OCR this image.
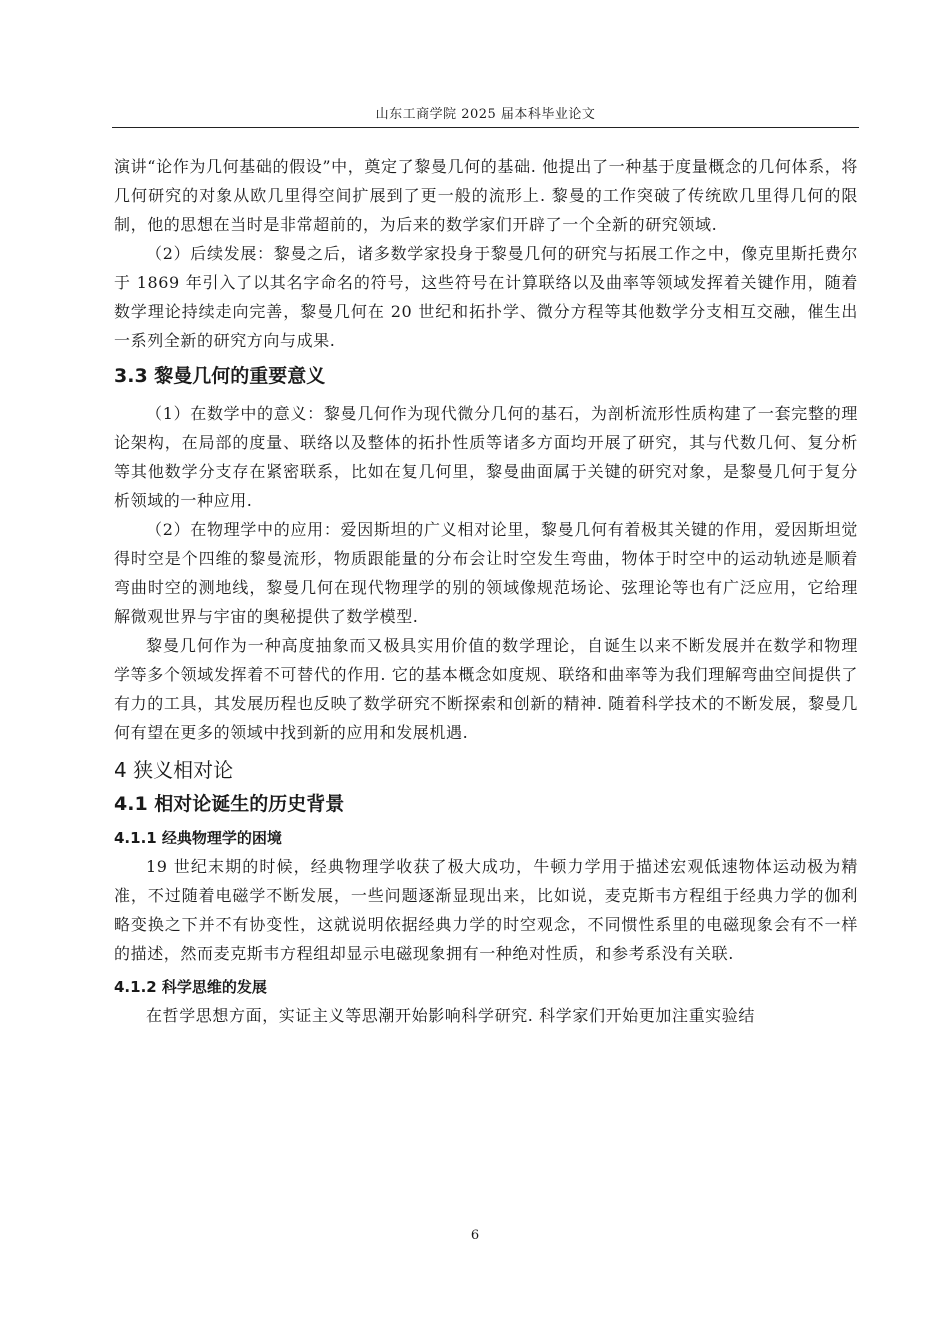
山东工商学院 2025 届本科毕业论文

演讲“论作为几何基础的假设”中，奠定了黎曼几何的基础. 他提出了一种基于度量概念的几何体系，将几何研究的对象从欧几里得空间扩展到了更一般的流形上. 黎曼的工作突破了传统欧几里得几何的限制，他的思想在当时是非常超前的，为后来的数学家们开辟了一个全新的研究领域.

（2）后续发展：黎曼之后，诸多数学家投身于黎曼几何的研究与拓展工作之中，像克里斯托费尔于 1869 年引入了以其名字命名的符号，这些符号在计算联络以及曲率等领域发挥着关键作用，随着数学理论持续走向完善，黎曼几何在 20 世纪和拓扑学、微分方程等其他数学分支相互交融，催生出一系列全新的研究方向与成果.

3.3 黎曼几何的重要意义

（1）在数学中的意义：黎曼几何作为现代微分几何的基石，为剖析流形性质构建了一套完整的理论架构，在局部的度量、联络以及整体的拓扑性质等诸多方面均开展了研究，其与代数几何、复分析等其他数学分支存在紧密联系，比如在复几何里，黎曼曲面属于关键的研究对象，是黎曼几何于复分析领域的一种应用.

（2）在物理学中的应用：爱因斯坦的广义相对论里，黎曼几何有着极其关键的作用，爱因斯坦觉得时空是个四维的黎曼流形，物质跟能量的分布会让时空发生弯曲，物体于时空中的运动轨迹是顺着弯曲时空的测地线，黎曼几何在现代物理学的别的领域像规范场论、弦理论等也有广泛应用，它给理解微观世界与宇宙的奥秘提供了数学模型.

黎曼几何作为一种高度抽象而又极具实用价值的数学理论，自诞生以来不断发展并在数学和物理学等多个领域发挥着不可替代的作用. 它的基本概念如度规、联络和曲率等为我们理解弯曲空间提供了有力的工具，其发展历程也反映了数学研究不断探索和创新的精神. 随着科学技术的不断发展，黎曼几何有望在更多的领域中找到新的应用和发展机遇.

4 狭义相对论
4.1 相对论诞生的历史背景
4.1.1 经典物理学的困境

19 世纪末期的时候，经典物理学收获了极大成功，牛顿力学用于描述宏观低速物体运动极为精准，不过随着电磁学不断发展，一些问题逐渐显现出来，比如说，麦克斯韦方程组于经典力学的伽利略变换之下并不有协变性，这就说明依据经典力学的时空观念，不同惯性系里的电磁现象会有不一样的描述，然而麦克斯韦方程组却显示电磁现象拥有一种绝对性质，和参考系没有关联.

4.1.2 科学思维的发展

在哲学思想方面，实证主义等思潮开始影响科学研究. 科学家们开始更加注重实验结

6
